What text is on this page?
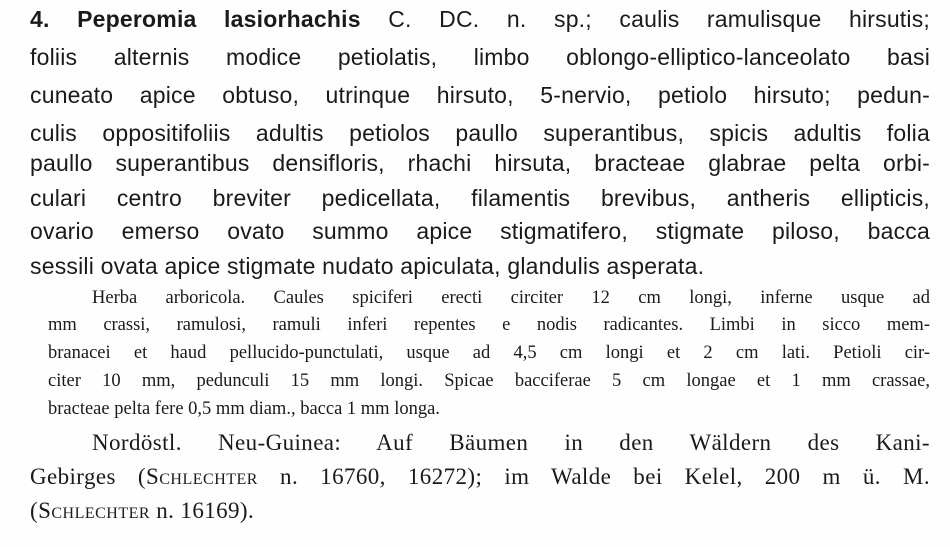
4. Peperomia lasiorhachis C. DC. n. sp.; caulis ramulisque hirsutis;
foliis alternis modice petiolatis, limbo oblongo-elliptico-lanceolato basi
cuneato apice obtuso, utrinque hirsuto, 5-nervio, petiolo hirsuto; pedun-
culis oppositifoliis adultis petiolos paullo superantibus, spicis adultis folia
paullo superantibus densifloris, rhachi hirsuta, bracteae glabrae pelta orbi-
culari centro breviter pedicellata, filamentis brevibus, antheris ellipticis,
ovario emerso ovato summo apice stigmatifero, stigmate piloso, bacca
sessili ovata apice stigmate nudato apiculata, glandulis asperata.
Herba arboricola. Caules spiciferi erecti circiter 12 cm longi, inferne usque ad
mm crassi, ramulosi, ramuli inferi repentes e nodis radicantes. Limbi in sicco mem-
branacei et haud pellucido-punctulati, usque ad 4,5 cm longi et 2 cm lati. Petioli cir-
citer 10 mm, pedunculi 15 mm longi. Spicae bacciferae 5 cm longae et 1 mm crassae,
bracteae pelta fere 0,5 mm diam., bacca 1 mm longa.
Nordöstl. Neu-Guinea: Auf Bäumen in den Wäldern des Kani-
Gebirges (Schlechter n. 16760, 16272); im Walde bei Kelel, 200 m ü. M.
(Schlechter n. 16169).
